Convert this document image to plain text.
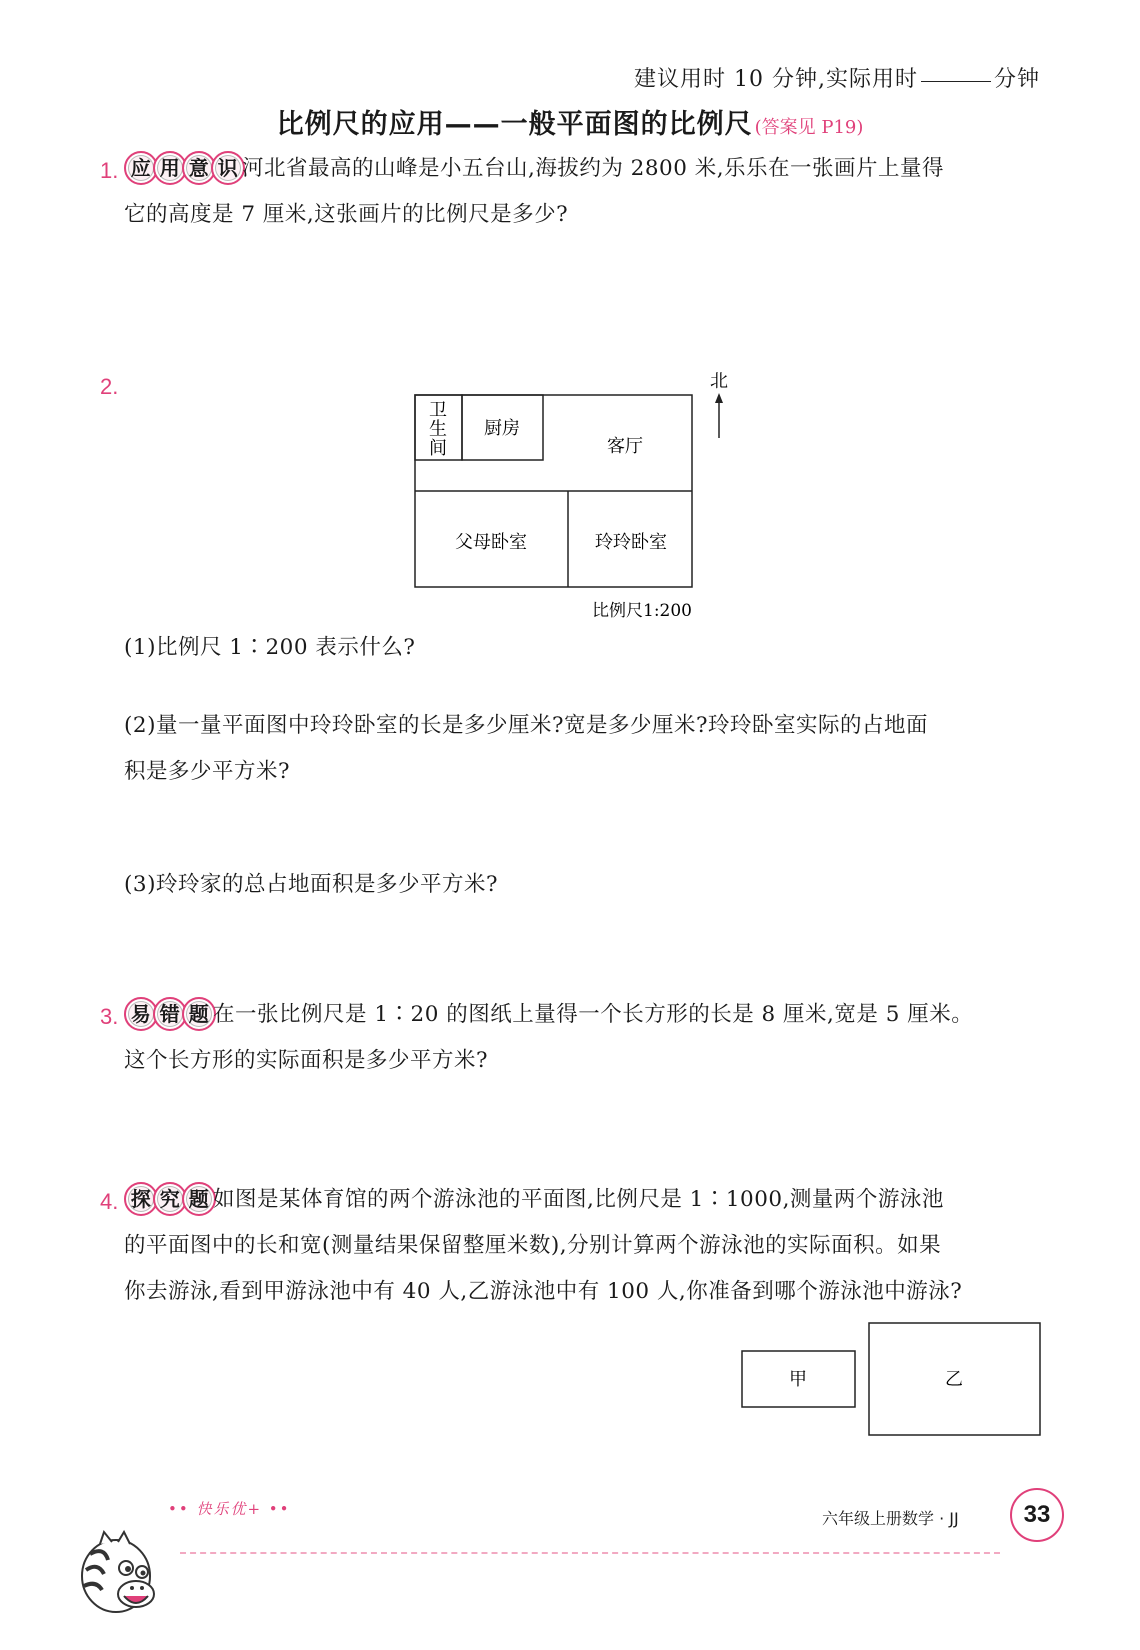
建议用时 10 分钟,实际用时	分钟
比例尺的应用——一般平面图的比例尺 (答案见 P19)
1. 应 用 意 识 河北省最高的山峰是小五台山,海拔约为 2800 米,乐乐在一张画片上量得
它的高度是 7 厘米,这张画片的比例尺是多少?
2.
卫
生
间
厨房
客厅
父母卧室	玲玲卧室
北
比例尺1:200
(1)比例尺 1∶200 表示什么?
(2)量一量平面图中玲玲卧室的长是多少厘米?宽是多少厘米?玲玲卧室实际的占地面
积是多少平方米?
(3)玲玲家的总占地面积是多少平方米?
3. 易 错 题 在一张比例尺是 1∶20 的图纸上量得一个长方形的长是 8 厘米,宽是 5 厘米。
这个长方形的实际面积是多少平方米?
4. 探 究 题 如图是某体育馆的两个游泳池的平面图,比例尺是 1∶1000,测量两个游泳池
的平面图中的长和宽(测量结果保留整厘米数),分别计算两个游泳池的实际面积。如果
你去游泳,看到甲游泳池中有 40 人,乙游泳池中有 100 人,你准备到哪个游泳池中游泳?
甲	乙
•• 快乐优+ ••	六年级上册数学 · JJ	33
